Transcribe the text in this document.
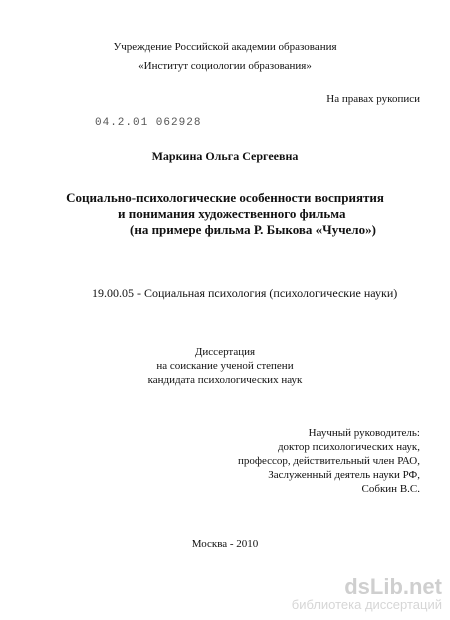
Учреждение Российской академии образования
«Институт социологии образования»
На правах рукописи
04.2.01 062928
Маркина Ольга Сергеевна
Социально-психологические особенности восприятия
и понимания художественного фильма
(на примере фильма Р. Быкова «Чучело»)
19.00.05 - Социальная психология (психологические науки)
Диссертация
на соискание ученой степени
кандидата психологических наук
Научный руководитель:
доктор психологических наук,
профессор, действительный член РАО,
Заслуженный деятель науки РФ,
Собкин В.С.
Москва - 2010
dsLib.net
библиотека диссертаций
